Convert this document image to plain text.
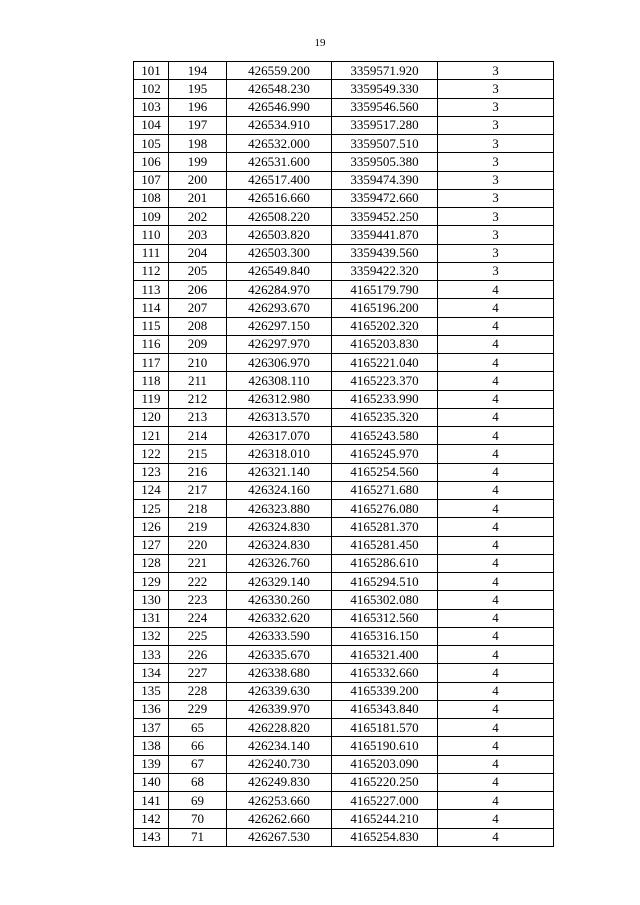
19
101	194	426559.200	3359571.920	3
102	195	426548.230	3359549.330	3
103	196	426546.990	3359546.560	3
104	197	426534.910	3359517.280	3
105	198	426532.000	3359507.510	3
106	199	426531.600	3359505.380	3
107	200	426517.400	3359474.390	3
108	201	426516.660	3359472.660	3
109	202	426508.220	3359452.250	3
110	203	426503.820	3359441.870	3
111	204	426503.300	3359439.560	3
112	205	426549.840	3359422.320	3
113	206	426284.970	4165179.790	4
114	207	426293.670	4165196.200	4
115	208	426297.150	4165202.320	4
116	209	426297.970	4165203.830	4
117	210	426306.970	4165221.040	4
118	211	426308.110	4165223.370	4
119	212	426312.980	4165233.990	4
120	213	426313.570	4165235.320	4
121	214	426317.070	4165243.580	4
122	215	426318.010	4165245.970	4
123	216	426321.140	4165254.560	4
124	217	426324.160	4165271.680	4
125	218	426323.880	4165276.080	4
126	219	426324.830	4165281.370	4
127	220	426324.830	4165281.450	4
128	221	426326.760	4165286.610	4
129	222	426329.140	4165294.510	4
130	223	426330.260	4165302.080	4
131	224	426332.620	4165312.560	4
132	225	426333.590	4165316.150	4
133	226	426335.670	4165321.400	4
134	227	426338.680	4165332.660	4
135	228	426339.630	4165339.200	4
136	229	426339.970	4165343.840	4
137	65	426228.820	4165181.570	4
138	66	426234.140	4165190.610	4
139	67	426240.730	4165203.090	4
140	68	426249.830	4165220.250	4
141	69	426253.660	4165227.000	4
142	70	426262.660	4165244.210	4
143	71	426267.530	4165254.830	4
